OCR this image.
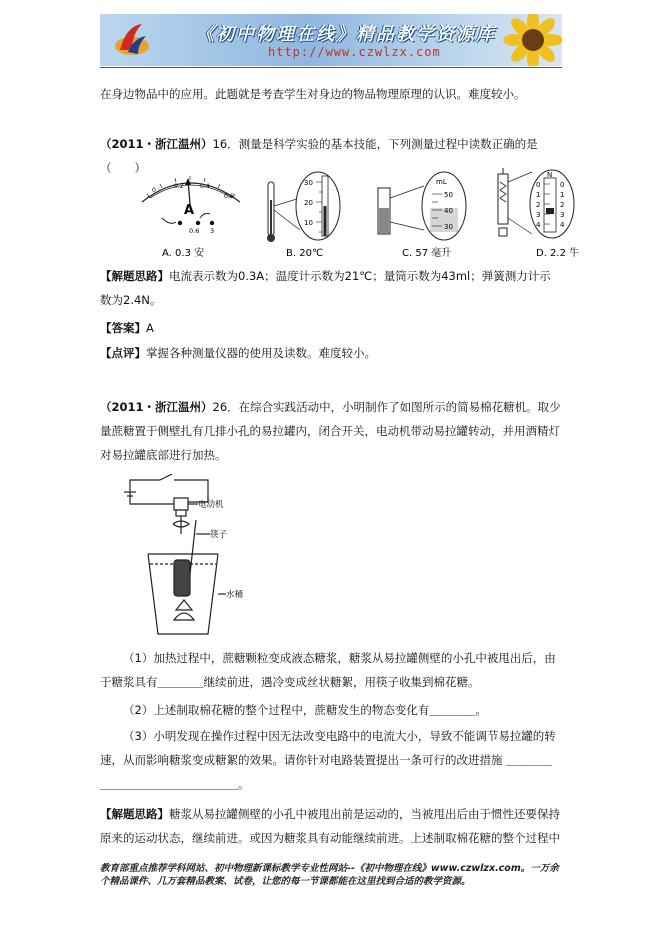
《初中物理在线》精品教学资源库
http://www.czwlzx.com

在身边物品中的应用。此题就是考查学生对身边的物品物理原理的认识。难度较小。

（2011・浙江温州）16．测量是科学实验的基本技能，下列测量过程中读数正确的是（　　）

0
0.2	0.4
0.6
A
0.6 3
A. 0.3 安
30
20
10
B. 20℃
mL
50
40
30
C. 57 毫升
N
0
1
2
3
4
0
1
2
3
4
D. 2.2 牛

【解题思路】电流表示数为0.3A；温度计示数为21℃；量筒示数为43ml；弹簧测力计示数为2.4N。

【答案】A

【点评】掌握各种测量仪器的使用及读数。难度较小。

（2011・浙江温州）26．在综合实践活动中，小明制作了如图所示的简易棉花糖机。取少量蔗糖置于侧壁扎有几排小孔的易拉罐内，闭合开关，电动机带动易拉罐转动，并用酒精灯对易拉罐底部进行加热。

电动机
筷子
水桶

（1）加热过程中，蔗糖颗粒变成液态糖浆，糖浆从易拉罐侧壁的小孔中被甩出后，由于糖浆具有＿＿＿＿继续前进，遇冷变成丝状糖絮，用筷子收集到棉花糖。

（2）上述制取棉花糖的整个过程中，蔗糖发生的物态变化有＿＿＿＿。

（3）小明发现在操作过程中因无法改变电路中的电流大小，导致不能调节易拉罐的转速，从而影响糖浆变成糖絮的效果。请你针对电路装置提出一条可行的改进措施 ＿＿＿＿＿＿＿＿＿＿＿＿＿＿＿＿。

【解题思路】糖浆从易拉罐侧壁的小孔中被甩出前是运动的，当被甩出后由于惯性还要保持原来的运动状态，继续前进。或因为糖浆具有动能继续前进。上述制取棉花糖的整个过程中

教育部重点推荐学科网站、初中物理新课标教学专业性网站--《初中物理在线》www.czwlzx.com。一万余个精品课件、几万套精品教案、试卷，让您的每一节课都能在这里找到合适的教学资源。
